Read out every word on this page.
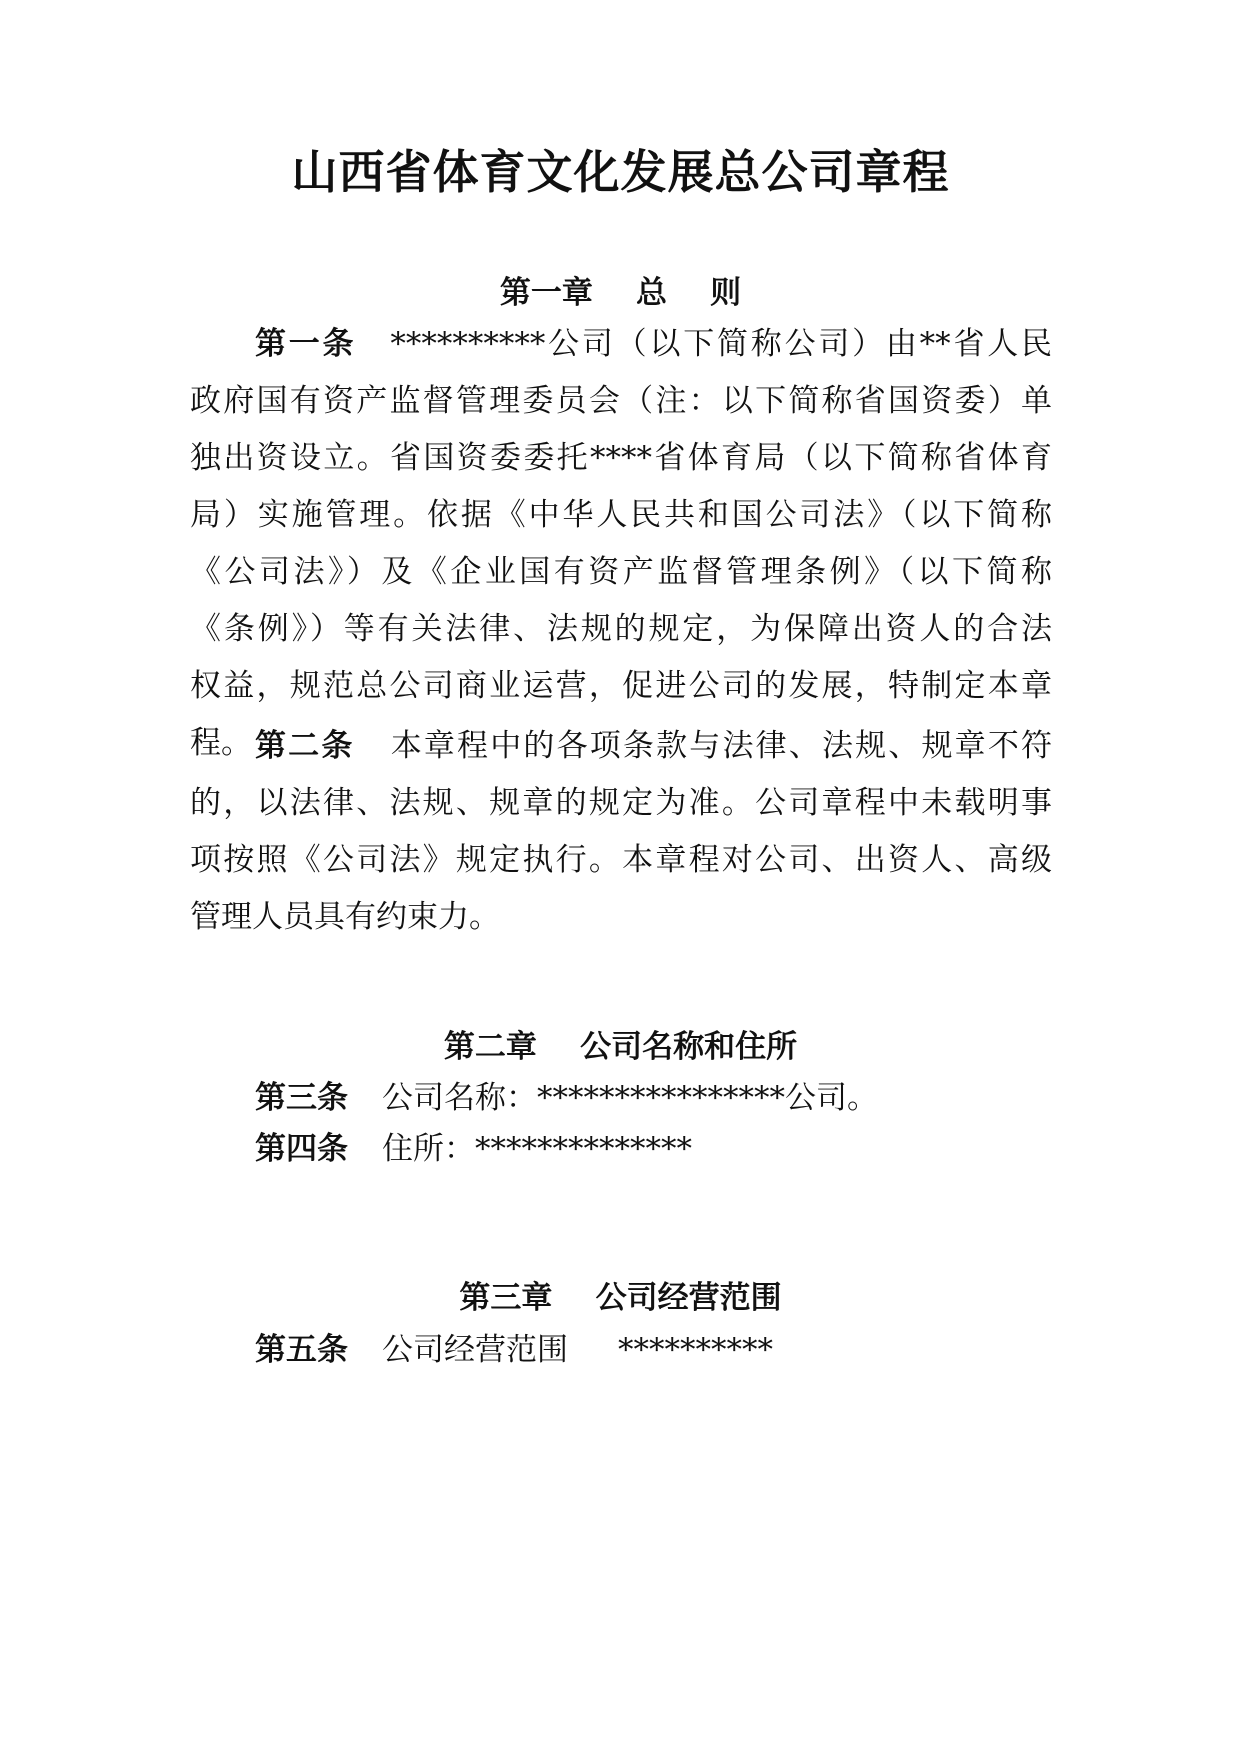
山西省体育文化发展总公司章程
第一章    总    则
第一条 **********公司（以下简称公司）由**省人民
政府国有资产监督管理委员会（注：以下简称省国资委）单
独出资设立。省国资委委托****省体育局（以下简称省体育
局）实施管理。依据《中华人民共和国公司法》（以下简称
《公司法》）及《企业国有资产监督管理条例》（以下简称
《条例》）等有关法律、法规的规定，为保障出资人的合法
权益，规范总公司商业运营，促进公司的发展，特制定本章
程。 第二条 本章程中的各项条款与法律、法规、规章不符
的，以法律、法规、规章的规定为准。公司章程中未载明事
项按照《公司法》规定执行。本章程对公司、出资人、高级
管理人员具有约束力。
第二章    公司名称和住所
第三条 公司名称：****************公司。
第四条 住所：**************
第三章    公司经营范围
第五条 公司经营范围 **********
